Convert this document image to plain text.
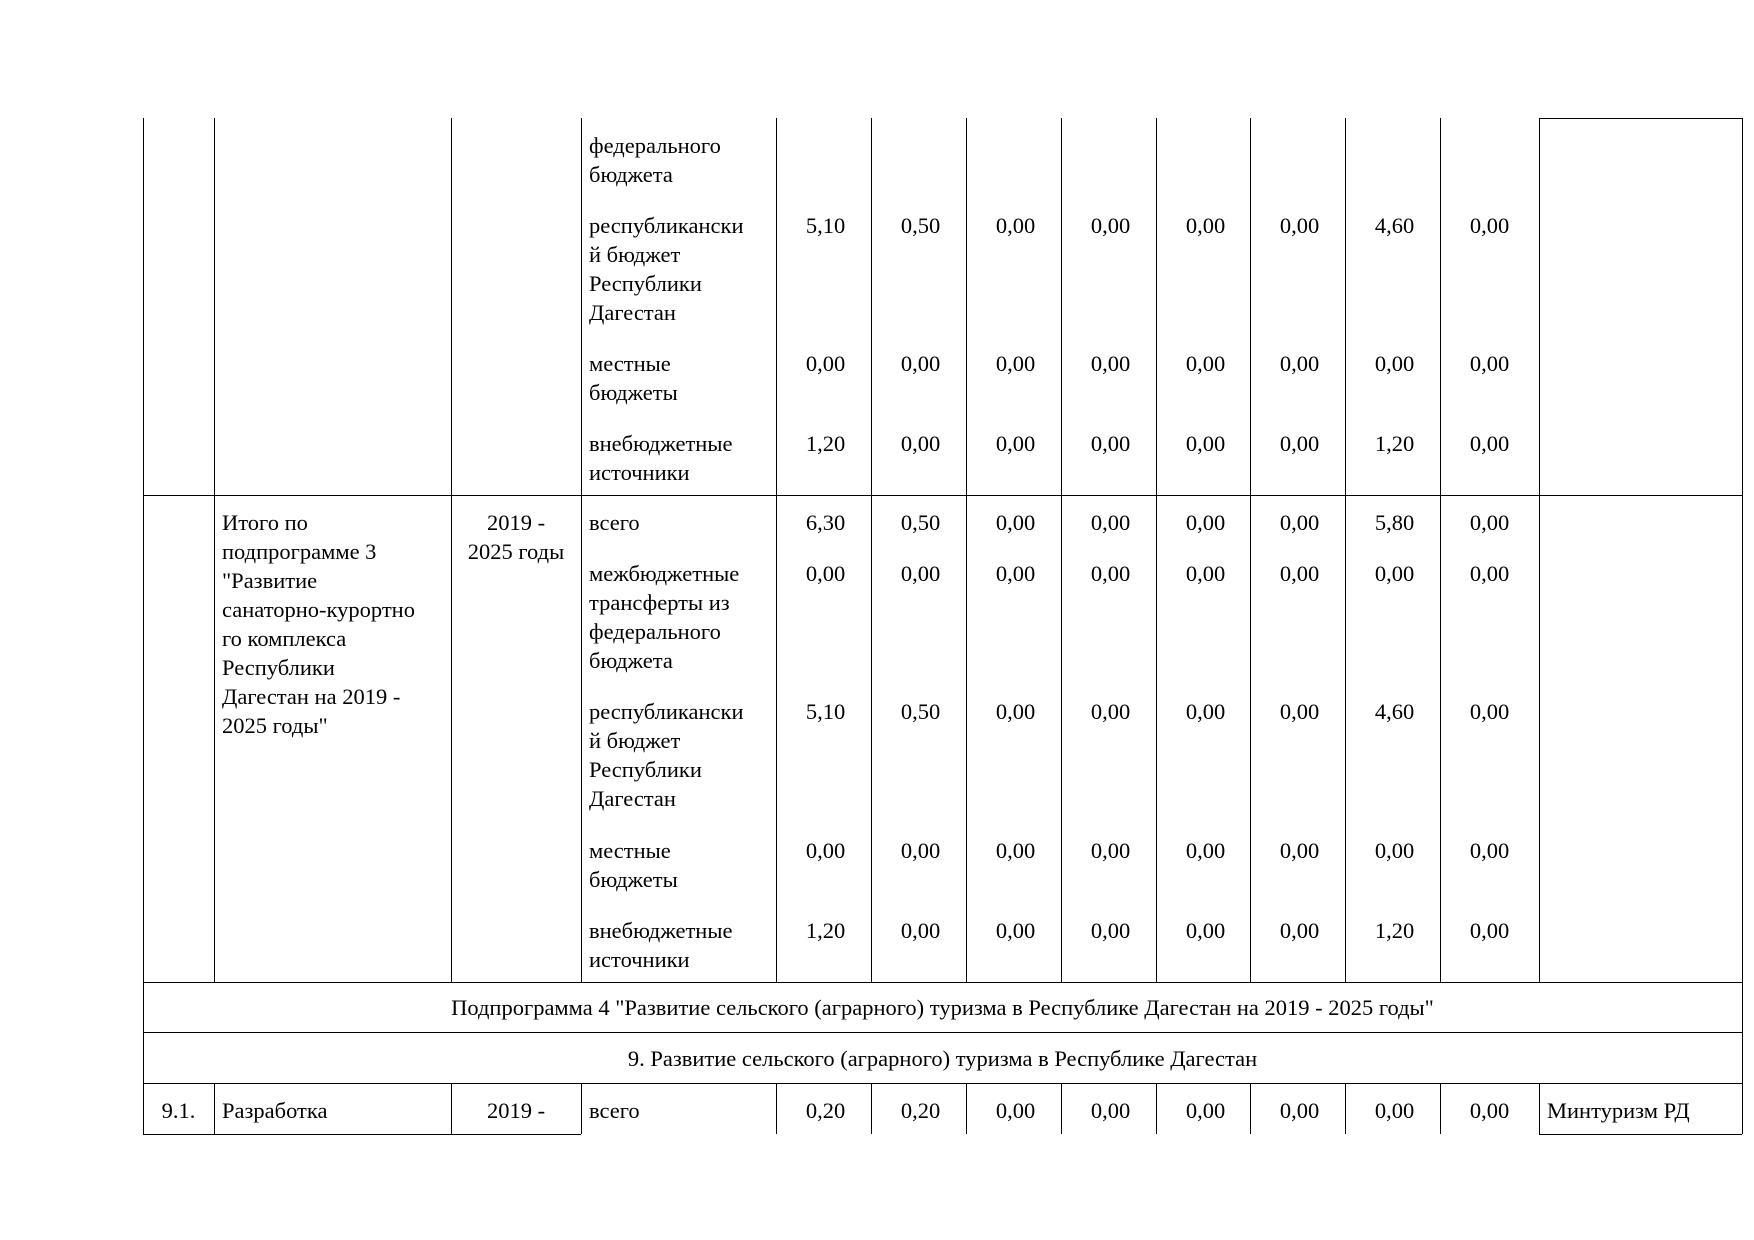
федерального
бюджета
республикански
й бюджет
Республики
Дагестан
5,10	0,50	0,00	0,00	0,00	0,00	4,60	0,00
местные
бюджеты
0,00	0,00	0,00	0,00	0,00	0,00	0,00	0,00
внебюджетные
источники
1,20	0,00	0,00	0,00	0,00	0,00	1,20	0,00
Итого по
подпрограмме 3
"Развитие
санаторно-курортно
го комплекса
Республики
Дагестан на 2019 -
2025 годы"
2019 -
2025 годы
всего	6,30	0,50	0,00	0,00	0,00	0,00	5,80	0,00
межбюджетные
трансферты из
федерального
бюджета
0,00	0,00	0,00	0,00	0,00	0,00	0,00	0,00
республикански
й бюджет
Республики
Дагестан
5,10	0,50	0,00	0,00	0,00	0,00	4,60	0,00
местные
бюджеты
0,00	0,00	0,00	0,00	0,00	0,00	0,00	0,00
внебюджетные
источники
1,20	0,00	0,00	0,00	0,00	0,00	1,20	0,00
Подпрограмма 4 "Развитие сельского (аграрного) туризма в Республике Дагестан на 2019 - 2025 годы"
9. Развитие сельского (аграрного) туризма в Республике Дагестан
9.1.	Разработка	2019 -	всего	0,20	0,20	0,00	0,00	0,00	0,00	0,00	0,00	Минтуризм РД
